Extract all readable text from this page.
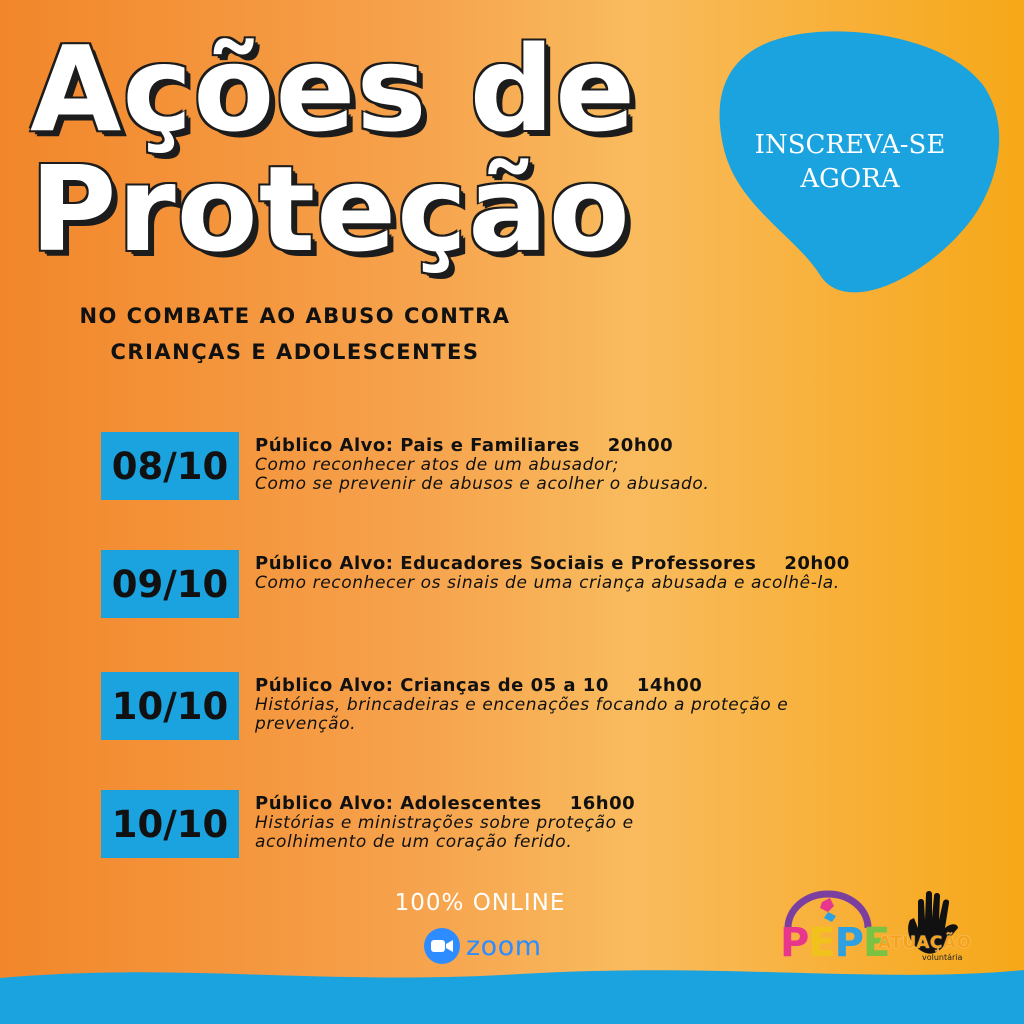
Ações de
Proteção

NO COMBATE AO ABUSO CONTRA
CRIANÇAS E ADOLESCENTES

INSCREVA-SE AGORA

08/10	Público Alvo: Pais e Familiares 20h00

Como reconhecer atos de um abusador;
Como se prevenir de abusos e acolher o abusado.

09/10	Público Alvo: Educadores Sociais e Professores 20h00

Como reconhecer os sinais de uma criança abusada e acolhê-la.

10/10	Público Alvo: Crianças de 05 a 10 14h00

Histórias, brincadeiras e encenações focando a proteção e
prevenção.

10/10	Público Alvo: Adolescentes 16h00

Histórias e ministrações sobre proteção e
acolhimento de um coração ferido.

100% ONLINE

zoom	PEPE

ATUAÇÃO

voluntária
